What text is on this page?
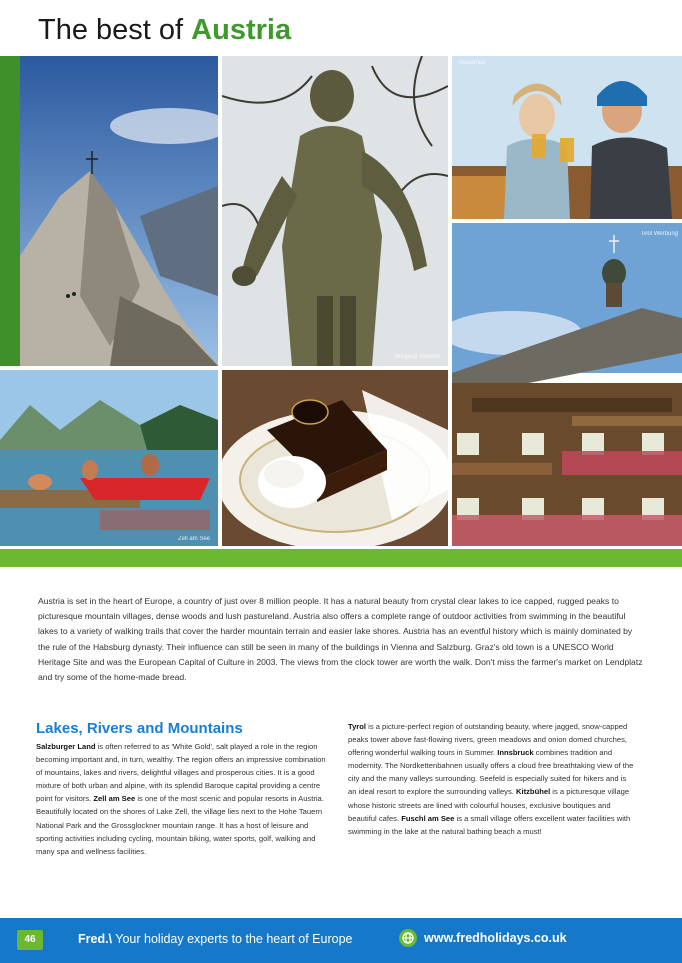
The best of Austria
Bregenz Tourism
Tourismus
Zell am See
Tirol Werbung
Austria is set in the heart of Europe, a country of just over 8 million people. It has a natural beauty from crystal clear lakes to ice capped, rugged peaks to picturesque mountain villages, dense woods and lush pastureland. Austria also offers a complete range of outdoor activities from swimming in the beautiful lakes to a variety of walking trails that cover the harder mountain terrain and easier lake shores. Austria has an eventful history which is mainly dominated by the rule of the Habsburg dynasty. Their influence can still be seen in many of the buildings in Vienna and Salzburg. Graz's old town is a UNESCO World Heritage Site and was the European Capital of Culture in 2003. The views from the clock tower are worth the walk. Don't miss the farmer's market on Lendplatz and try some of the home-made bread.
Lakes, Rivers and Mountains
Salzburger Land is often referred to as 'White Gold', salt played a role in the region becoming important and, in turn, wealthy. The region offers an impressive combination of mountains, lakes and rivers, delightful villages and prosperous cities. It is a good mixture of both urban and alpine, with its splendid Baroque capital providing a centre point for visitors. Zell am See is one of the most scenic and popular resorts in Austria. Beautifully located on the shores of Lake Zell, the village lies next to the Hohe Tauern National Park and the Grossglockner mountain range. It has a host of leisure and sporting activities including cycling, mountain biking, water sports, golf, walking and many spa and wellness facilities.
Tyrol is a picture-perfect region of outstanding beauty, where jagged, snow-capped peaks tower above fast-flowing rivers, green meadows and onion domed churches, offering wonderful walking tours in Summer. Innsbruck combines tradition and modernity. The Nordkettenbahnen usually offers a cloud free breathtaking view of the city and the many valleys surrounding. Seefeld is especially suited for hikers and is an ideal resort to explore the surrounding valleys. Kitzbühel is a picturesque village whose historic streets are lined with colourful houses, exclusive boutiques and beautiful cafes. Fuschl am See is a small village offers excellent water facilities with swimming in the lake at the natural bathing beach a must!
46	Fred.\ Your holiday experts to the heart of Europe	www.fredholidays.co.uk
